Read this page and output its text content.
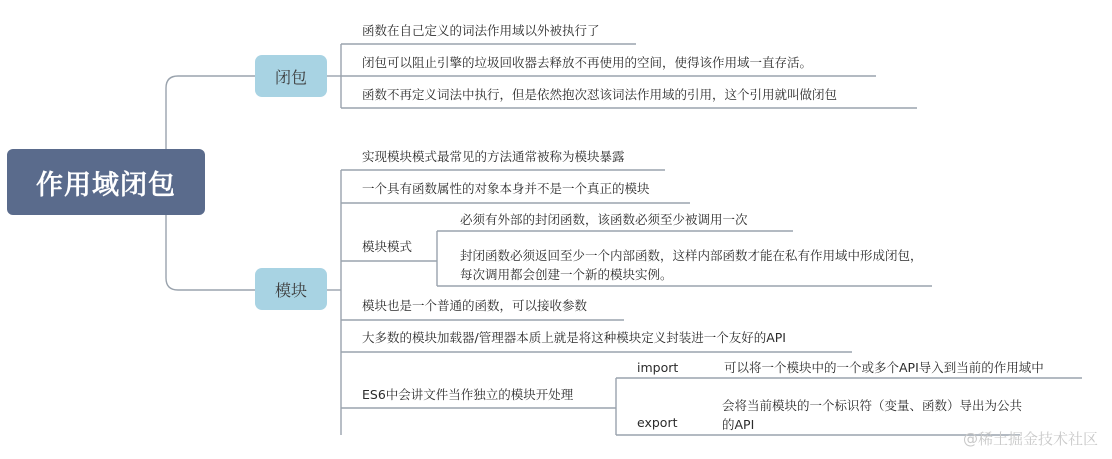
作用域闭包
闭包
模块
函数在自己定义的词法作用域以外被执行了
闭包可以阻止引擎的垃圾回收器去释放不再使用的空间，使得该作用域一直存活。
函数不再定义词法中执行，但是依然抱次怼该词法作用域的引用，这个引用就叫做闭包
实现模块模式最常见的方法通常被称为模块暴露
一个具有函数属性的对象本身并不是一个真正的模块
模块模式
必须有外部的封闭函数，该函数必须至少被调用一次
封闭函数必须返回至少一个内部函数，这样内部函数才能在私有作用域中形成闭包，每次调用都会创建一个新的模块实例。
模块也是一个普通的函数，可以接收参数
大多数的模块加载器/管理器本质上就是将这种模块定义封装进一个友好的API
ES6中会讲文件当作独立的模块开处理
import	可以将一个模块中的一个或多个API导入到当前的作用域中
export
会将当前模块的一个标识符（变量、函数）导出为公共的API
@稀土掘金技术社区
